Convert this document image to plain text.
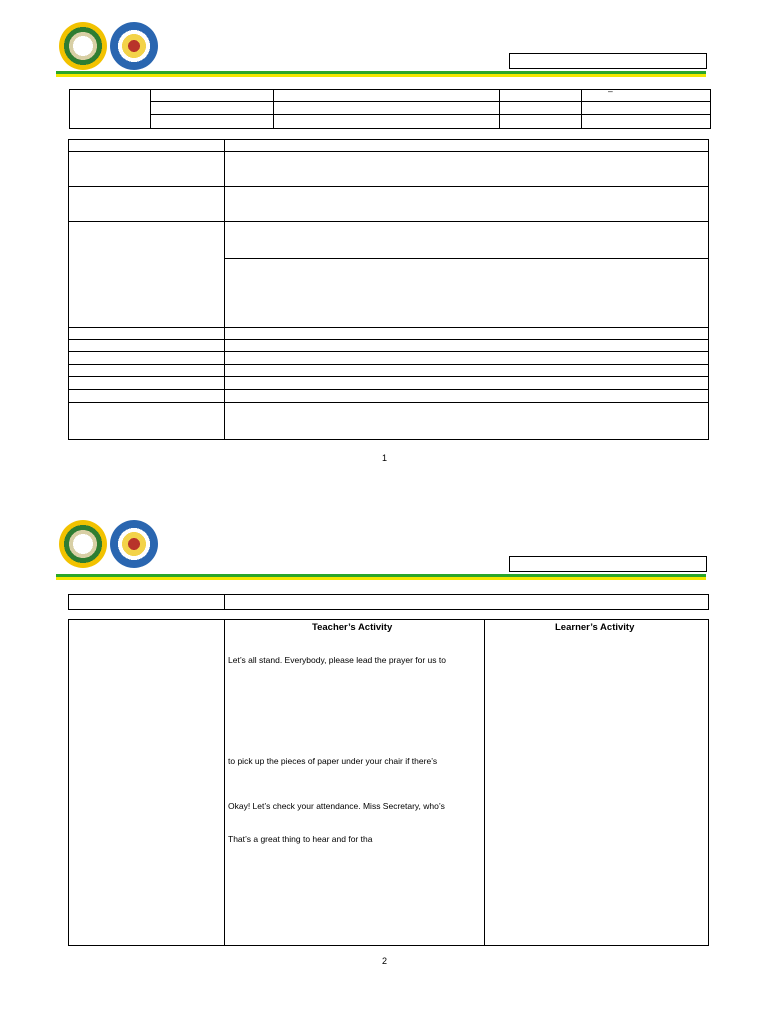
–
1
Teacher’s Activity	Learner’s Activity
Let’s all stand. Everybody, please lead the prayer for us to
to pick up the pieces of paper under your chair if there’s
Okay! Let’s check your attendance. Miss Secretary, who’s
That’s a great thing to hear and for tha
2
